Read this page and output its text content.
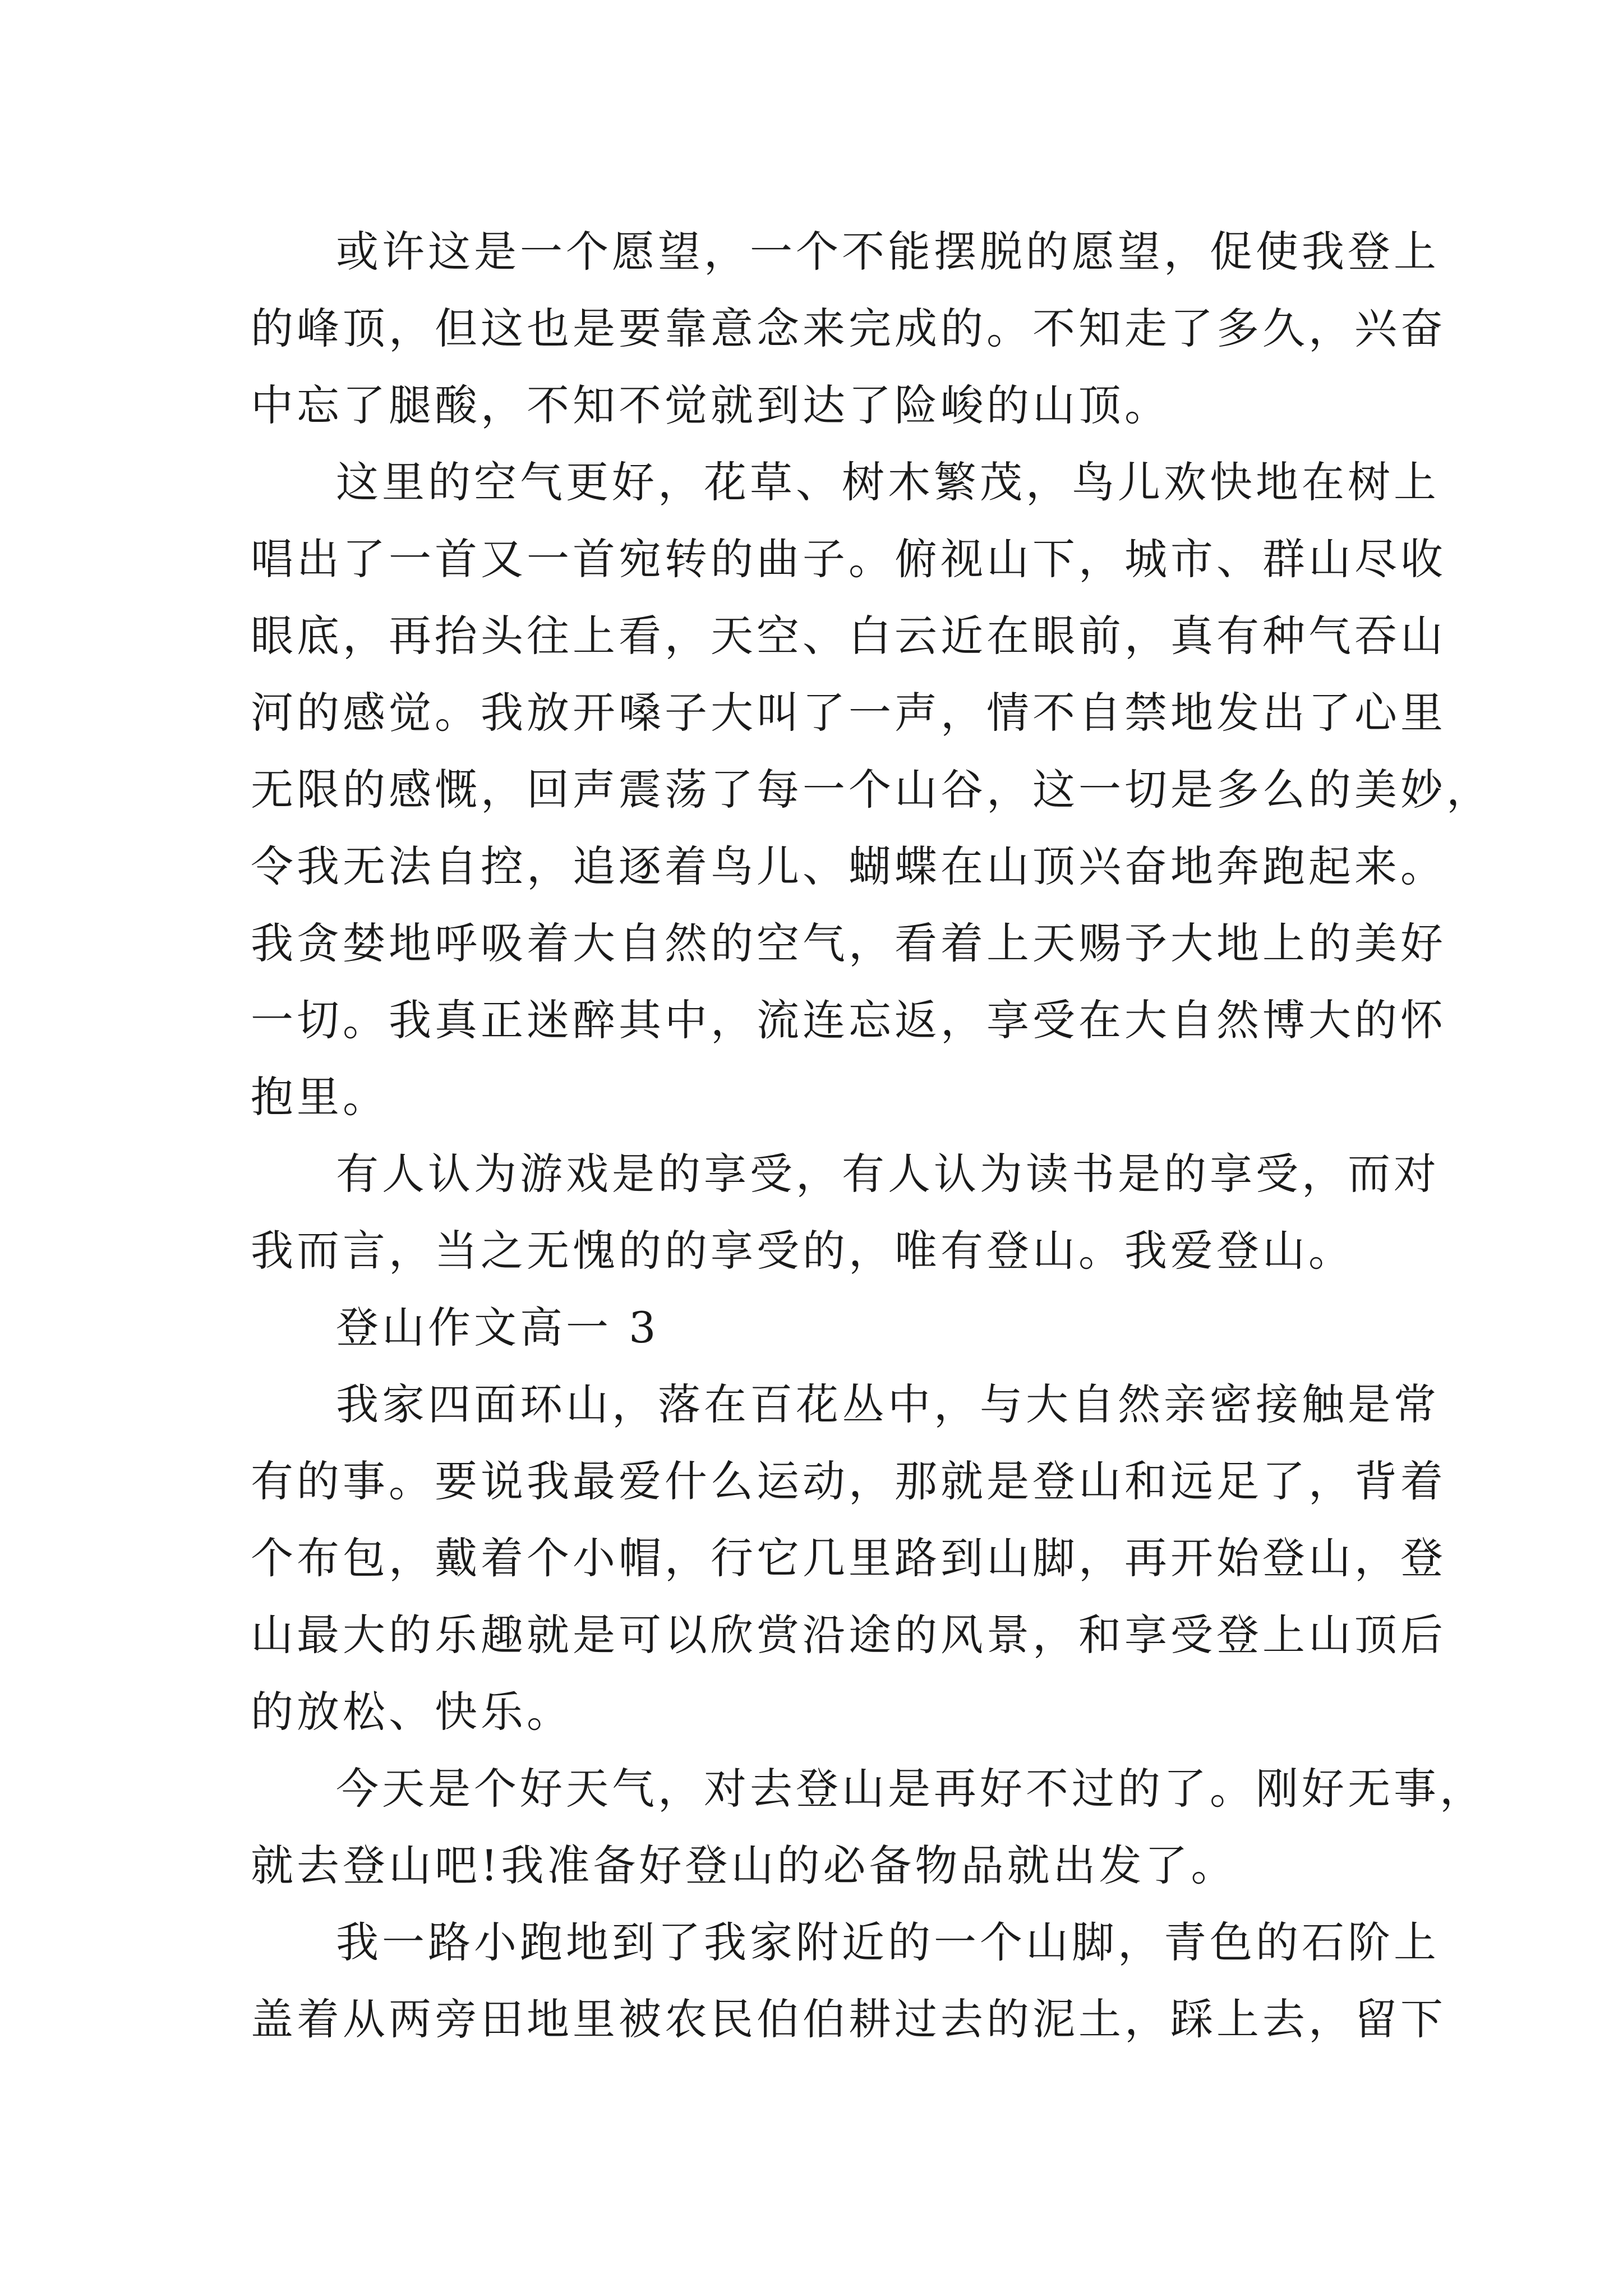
或许这是一个愿望，一个不能摆脱的愿望，促使我登上
的峰顶，但这也是要靠意念来完成的。不知走了多久，兴奋
中忘了腿酸，不知不觉就到达了险峻的山顶。
这里的空气更好，花草、树木繁茂，鸟儿欢快地在树上
唱出了一首又一首宛转的曲子。俯视山下，城市、群山尽收
眼底，再抬头往上看，天空、白云近在眼前，真有种气吞山
河的感觉。我放开嗓子大叫了一声，情不自禁地发出了心里
无限的感慨，回声震荡了每一个山谷，这一切是多么的美妙，
令我无法自控，追逐着鸟儿、蝴蝶在山顶兴奋地奔跑起来。
我贪婪地呼吸着大自然的空气，看着上天赐予大地上的美好
一切。我真正迷醉其中，流连忘返，享受在大自然博大的怀
抱里。
有人认为游戏是的享受，有人认为读书是的享受，而对
我而言，当之无愧的的享受的，唯有登山。我爱登山。
登山作文高一 3
我家四面环山，落在百花丛中，与大自然亲密接触是常
有的事。要说我最爱什么运动，那就是登山和远足了，背着
个布包，戴着个小帽，行它几里路到山脚，再开始登山，登
山最大的乐趣就是可以欣赏沿途的风景，和享受登上山顶后
的放松、快乐。
今天是个好天气，对去登山是再好不过的了。刚好无事，
就去登山吧!我准备好登山的必备物品就出发了。
我一路小跑地到了我家附近的一个山脚，青色的石阶上
盖着从两旁田地里被农民伯伯耕过去的泥土，踩上去，留下
